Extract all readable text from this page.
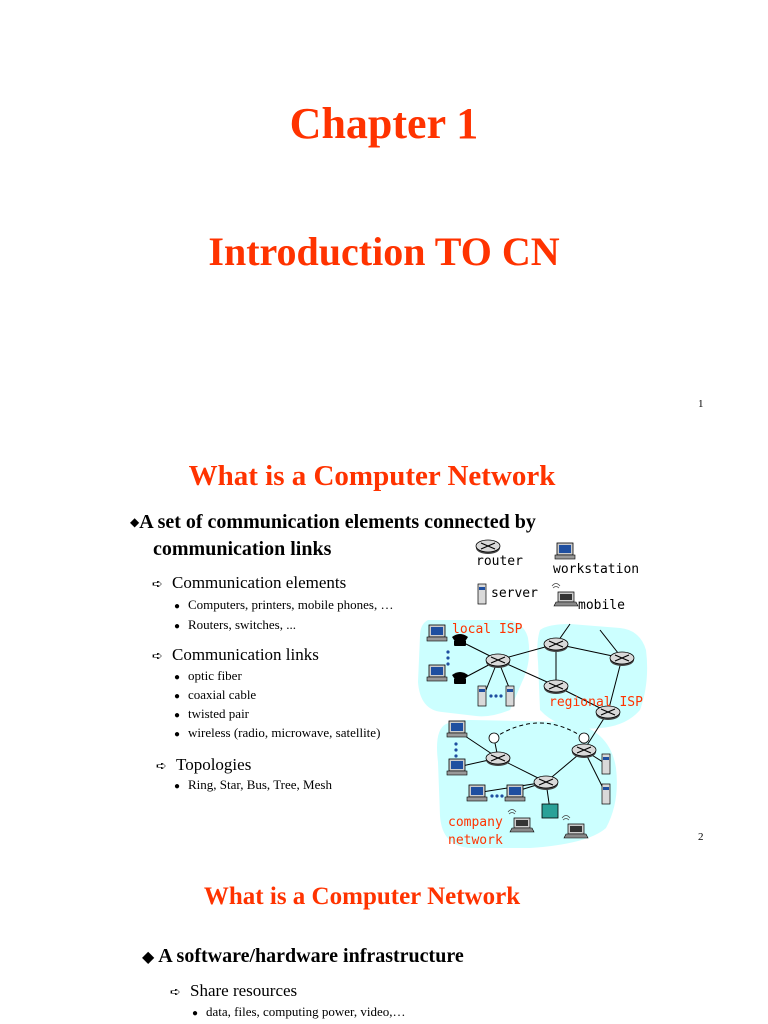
Chapter 1
Introduction TO CN
1
What is a Computer Network
◆A set of communication elements connected by
communication links
➪ Communication elements
● Computers, printers, mobile phones, …
● Routers, switches, ...
➪ Communication links
● optic fiber
● coaxial cable
● twisted pair
● wireless (radio, microwave, satellite)
➪ Topologies
● Ring, Star, Bus, Tree, Mesh
router
workstation
server
mobile
local ISP
regional ISP
company
network	2
What is a Computer Network
◆ A software/hardware infrastructure
➪ Share resources
● data, files, computing power, video,…
